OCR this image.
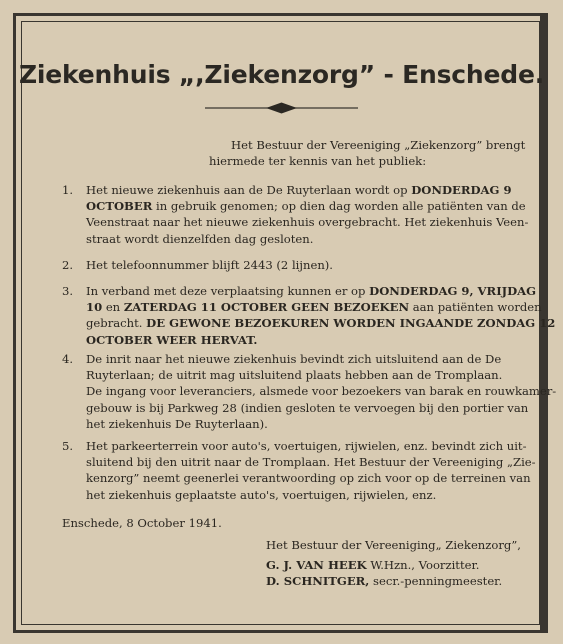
Ziekenhuis „,Ziekenzorg” - Enschede.
Het Bestuur der Vereeniging „Ziekenzorg” brengt
hiermede ter kennis van het publiek:
1. Het nieuwe ziekenhuis aan de De Ruyterlaan wordt op DONDERDAG 9
OCTOBER in gebruik genomen; op dien dag worden alle patiënten van de
Veenstraat naar het nieuwe ziekenhuis overgebracht. Het ziekenhuis Veen-
straat wordt dienzelfden dag gesloten.
2. Het telefoonnummer blijft 2443 (2 lijnen).
3. In verband met deze verplaatsing kunnen er op DONDERDAG 9, VRIJDAG
10 en ZATERDAG 11 OCTOBER GEEN BEZOEKEN aan patiënten worden
gebracht. DE GEWONE BEZOEKUREN WORDEN INGAANDE ZONDAG 12
OCTOBER WEER HERVAT.
4. De inrit naar het nieuwe ziekenhuis bevindt zich uitsluitend aan de De
Ruyterlaan; de uitrit mag uitsluitend plaats hebben aan de Tromplaan.
De ingang voor leveranciers, alsmede voor bezoekers van barak en rouwkamer-
gebouw is bij Parkweg 28 (indien gesloten te vervoegen bij den portier van
het ziekenhuis De Ruyterlaan).
5. Het parkeerterrein voor auto's, voertuigen, rijwielen, enz. bevindt zich uit-
sluitend bij den uitrit naar de Tromplaan. Het Bestuur der Vereeniging „Zie-
kenzorg” neemt geenerlei verantwoording op zich voor op de terreinen van
het ziekenhuis geplaatste auto's, voertuigen, rijwielen, enz.
Enschede, 8 October 1941.
Het Bestuur der Vereeniging„ Ziekenzorg”,
G. J. VAN HEEK W.Hzn., Voorzitter.
D. SCHNITGER, secr.-penningmeester.
